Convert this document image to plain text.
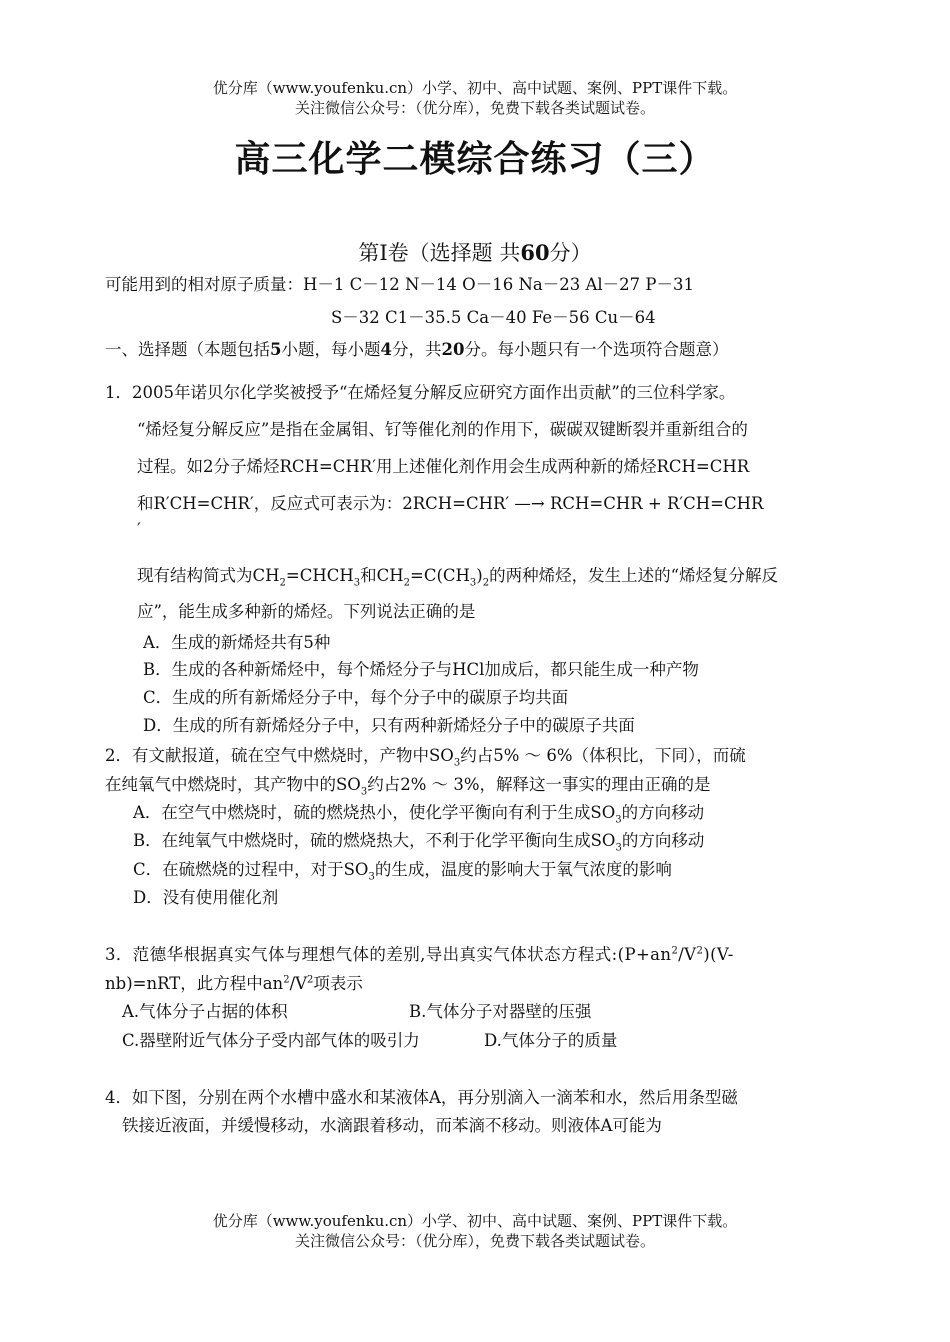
优分库（www.youfenku.cn）小学、初中、高中试题、案例、PPT课件下载。
关注微信公众号：（优分库），免费下载各类试题试卷。
高三化学二模综合练习（三）
第Ⅰ卷（选择题 共60分）
可能用到的相对原子质量：H－1 C－12 N－14 O－16 Na－23 Al－27 P－31
S－32 C1－35.5 Ca－40 Fe－56 Cu－64
一、选择题（本题包括5小题，每小题4分，共20分。每小题只有一个选项符合题意）
1．2005年诺贝尔化学奖被授予“在烯烃复分解反应研究方面作出贡献”的三位科学家。
“烯烃复分解反应”是指在金属钼、钌等催化剂的作用下，碳碳双键断裂并重新组合的
过程。如2分子烯烃RCH=CHR′用上述催化剂作用会生成两种新的烯烃RCH=CHR
和R′CH=CHR′，反应式可表示为：2RCH=CHR′ —→ RCH=CHR + R′CH=CHR
′
现有结构简式为$CH_2=CHCH_3$和$CH_2=C(CH_3)_2$的两种烯烃，发生上述的“烯烃复分解反
应”，能生成多种新的烯烃。下列说法正确的是
A．生成的新烯烃共有5种
B．生成的各种新烯烃中，每个烯烃分子与HCl加成后，都只能生成一种产物
C．生成的所有新烯烃分子中，每个分子中的碳原子均共面
D．生成的所有新烯烃分子中，只有两种新烯烃分子中的碳原子共面
2．有文献报道，硫在空气中燃烧时，产物中$SO_3$约占5% ～ 6%（体积比，下同），而硫
在纯氧气中燃烧时，其产物中的$SO_3$约占2% ～ 3%，解释这一事实的理由正确的是
A．在空气中燃烧时，硫的燃烧热小，使化学平衡向有利于生成$SO_3$的方向移动
B．在纯氧气中燃烧时，硫的燃烧热大，不利于化学平衡向生成$SO_3$的方向移动
C．在硫燃烧的过程中，对于$SO_3$的生成，温度的影响大于氧气浓度的影响
D．没有使用催化剂
3．范德华根据真实气体与理想气体的差别,导出真实气体状态方程式$:(P+an^2/V^2)(V-$
nb)=nRT，此方程中$an^2/V^2$项表示
A.气体分子占据的体积	B.气体分子对器壁的压强
C.器壁附近气体分子受内部气体的吸引力	D.气体分子的质量
4．如下图，分别在两个水槽中盛水和某液体A，再分别滴入一滴苯和水，然后用条型磁
铁接近液面，并缓慢移动，水滴跟着移动，而苯滴不移动。则液体A可能为
优分库（www.youfenku.cn）小学、初中、高中试题、案例、PPT课件下载。
关注微信公众号：（优分库），免费下载各类试题试卷。
